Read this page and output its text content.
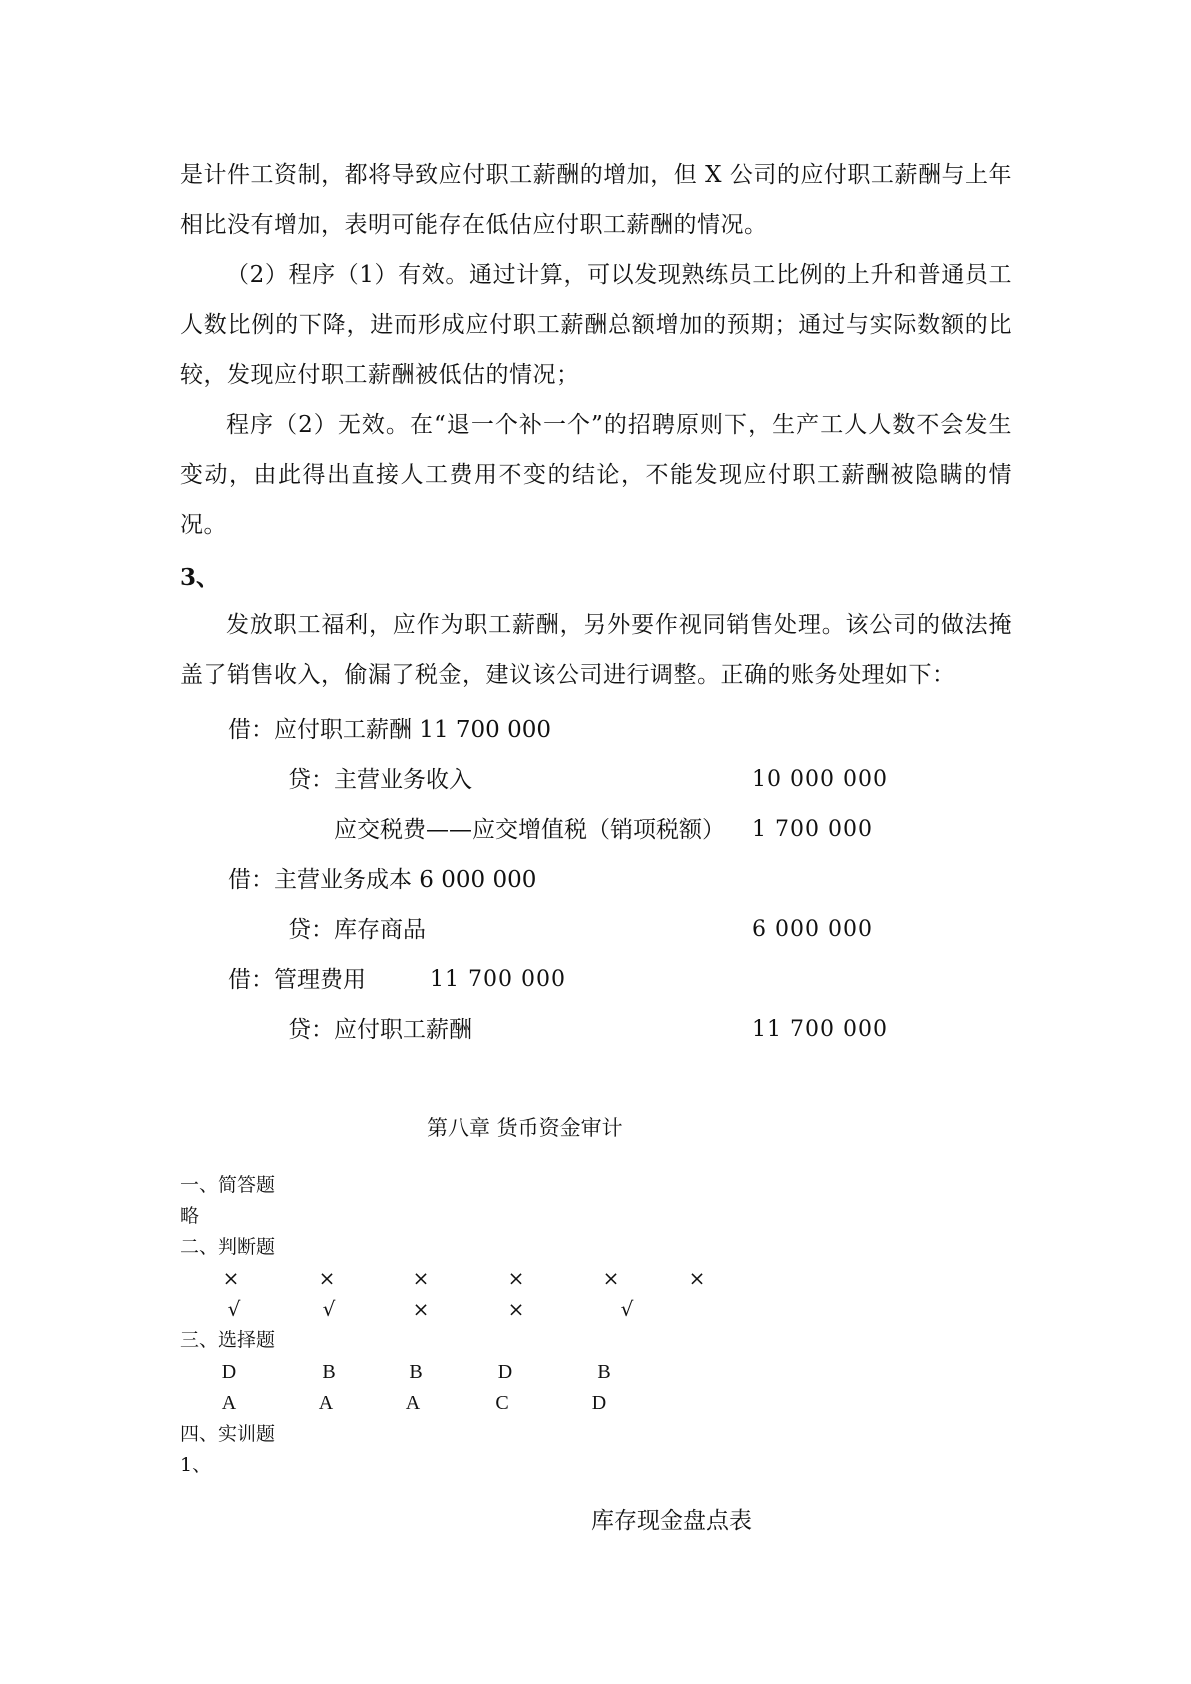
是计件工资制，都将导致应付职工薪酬的增加，但 X 公司的应付职工薪酬与上年相比没有增加，表明可能存在低估应付职工薪酬的情况。

（2）程序（1）有效。通过计算，可以发现熟练员工比例的上升和普通员工人数比例的下降，进而形成应付职工薪酬总额增加的预期；通过与实际数额的比较，发现应付职工薪酬被低估的情况；

程序（2）无效。在“退一个补一个”的招聘原则下，生产工人人数不会发生变动，由此得出直接人工费用不变的结论，不能发现应付职工薪酬被隐瞒的情况。

3、

发放职工福利，应作为职工薪酬，另外要作视同销售处理。该公司的做法掩盖了销售收入，偷漏了税金，建议该公司进行调整。正确的账务处理如下：

借：应付职工薪酬 11 700 000
贷：主营业务收入	10 000 000
应交税费——应交增值税（销项税额） 1 700 000
借：主营业务成本 6 000 000
贷：库存商品	6 000 000
借：管理费用	11 700 000
贷：应付职工薪酬	11 700 000
第八章 货币资金审计
一、简答题
略
二、判断题
×	×	×	×	×	×
√	√	×	×	√
三、选择题
D	B	B	D	B
A	A	A	C	D
四、实训题
1、
库存现金盘点表
